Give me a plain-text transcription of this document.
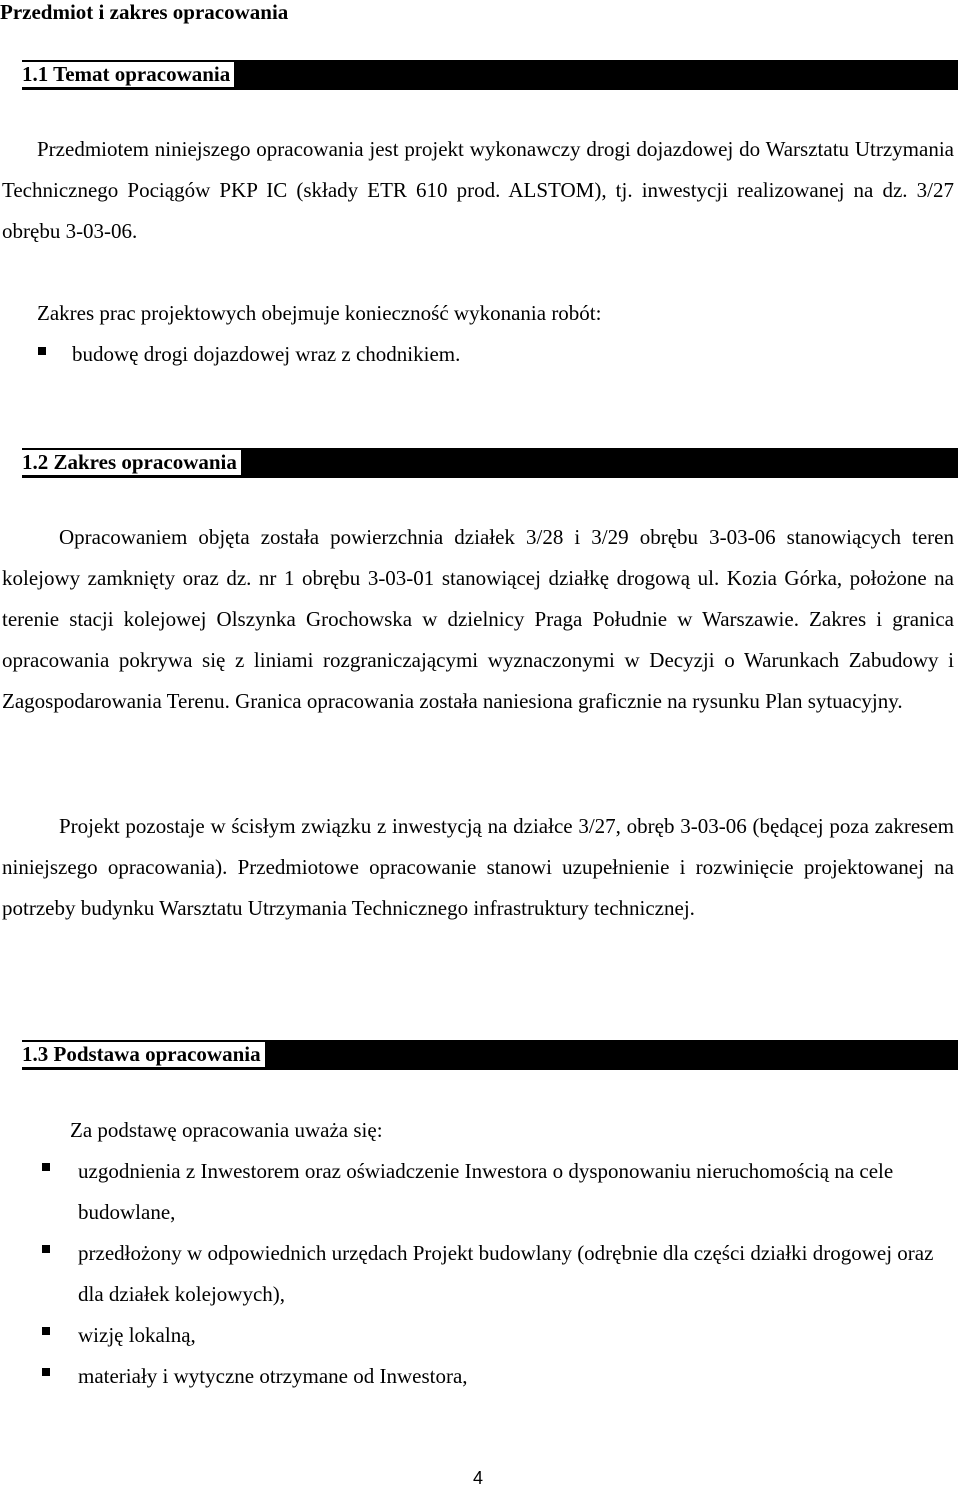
Przedmiot i zakres opracowania
1.1 Temat opracowania
Przedmiotem niniejszego opracowania jest projekt wykonawczy drogi dojazdowej do Warsztatu Utrzymania Technicznego Pociągów PKP IC (składy ETR 610 prod. ALSTOM), tj. inwestycji realizowanej na dz. 3/27 obrębu 3-03-06.
Zakres prac projektowych obejmuje konieczność wykonania robót:
budowę drogi dojazdowej wraz z chodnikiem.
1.2 Zakres opracowania
Opracowaniem objęta została powierzchnia działek 3/28 i 3/29 obrębu 3-03-06 stanowiących teren kolejowy zamknięty oraz dz. nr 1 obrębu 3-03-01 stanowiącej działkę drogową ul. Kozia Górka, położone na terenie stacji kolejowej Olszynka Grochowska w dzielnicy Praga Południe w Warszawie. Zakres i granica opracowania pokrywa się z liniami rozgraniczającymi wyznaczonymi w Decyzji o Warunkach Zabudowy i Zagospodarowania Terenu. Granica opracowania została naniesiona graficznie na rysunku Plan sytuacyjny.
Projekt pozostaje w ścisłym związku z inwestycją na działce 3/27, obręb 3-03-06 (będącej poza zakresem niniejszego opracowania). Przedmiotowe opracowanie stanowi uzupełnienie i rozwinięcie projektowanej na potrzeby budynku Warsztatu Utrzymania Technicznego infrastruktury technicznej.
1.3 Podstawa opracowania
Za podstawę opracowania uważa się:
uzgodnienia z Inwestorem oraz oświadczenie Inwestora o dysponowaniu nieruchomością na cele budowlane,
przedłożony w odpowiednich urzędach Projekt budowlany (odrębnie dla części działki drogowej oraz dla działek kolejowych),
wizję lokalną,
materiały i wytyczne otrzymane od Inwestora,
4
